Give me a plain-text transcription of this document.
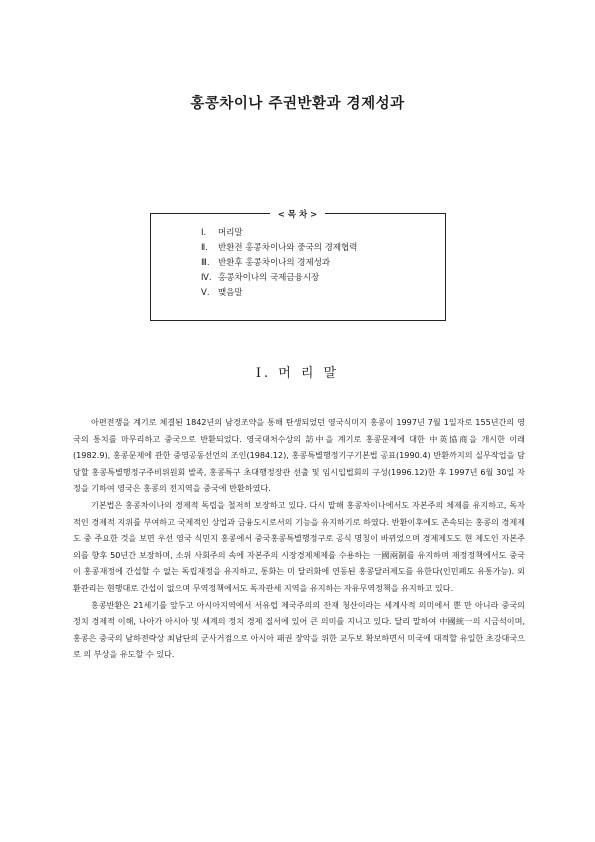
홍콩차이나 주권반환과 경제성과
< 목 차 >
Ⅰ. 머리말
Ⅱ. 반환전 홍콩차이나와 중국의 경제협력
Ⅲ. 반환후 홍콩차이나의 경제성과
Ⅳ. 홍콩차이나의 국제금융시장
Ⅴ. 맺음말
Ⅰ. 머 리 말

아편전쟁을 계기로 체결된 1842년의 남경조약을 통해 탄생되었던 영국식미지 홍콩이 1997년 7월 1일자로 155년간의 영국의 통치를 마무리하고 중국으로 반환되었다. 영국대처수상의 訪中을 계기로 홍콩문제에 대한 中英協商을 개시한 이래(1982.9), 홍콩문제에 관한 중영공동선언의 조인(1984.12), 홍콩특별행정기구기본법 공표(1990.4) 반환까지의 실무작업을 담당할 홍콩특별행정구주비위원회 발족, 홍콩특구 초대행정장관 선출 및 임시입법회의 구성(1996.12)한 후 1997년 6월 30일 자정을 기하여 영국은 홍콩의 전지역을 중국에 반환하였다.

기본법은 홍콩차이나의 경제적 독립을 철저히 보장하고 있다. 다시 말해 홍콩차이나에서도 자본주의 체제를 유지하고, 독자적인 경제적 지위를 부여하고 국제적인 상업과 금융도시로서의 기능을 유지하기로 하였다. 반환이후에도 존속되는 홍콩의 경제제도 중 주요한 것을 보면 우선 영국 식민지 홍콩에서 중국홍콩특별행정구로 공식 명칭이 바뀌었으며 경제제도도 현 제도인 자본주의를 향후 50년간 보장하며, 소위 사회주의 속에 자본주의 시장경제체제를 수용하는 一國兩制를 유지하며 재정정책에서도 중국이 홍콩재정에 간섭할 수 없는 독립재정을 유지하고, 통화는 미 달러화에 연동된 홍콩달러제도를 유한다(인민폐도 유통가능). 외환관리는 현행대로 간섭이 없으며 무역정책에서도 독자관세 지역을 유지하는 자유무역정책을 유지하고 있다.

홍콩반환은 21세기를 앞두고 아시아지역에서 서유럽 제국주의의 잔재 청산이라는 세계사적 의미에서 뿐 만 아니라 중국의 정치 경제적 이해, 나아가 아시아 및 세계의 정치 경제 질서에 있어 큰 의미를 지니고 있다. 달리 말하여 中國統一의 시금석이며, 홍콩은 중국의 남하전략상 최남단의 군사거점으로 아시아 패권 장악을 위한 교두보 확보하면서 미국에 대적할 유일한 초강대국으로 의 부상을 유도할 수 있다.
